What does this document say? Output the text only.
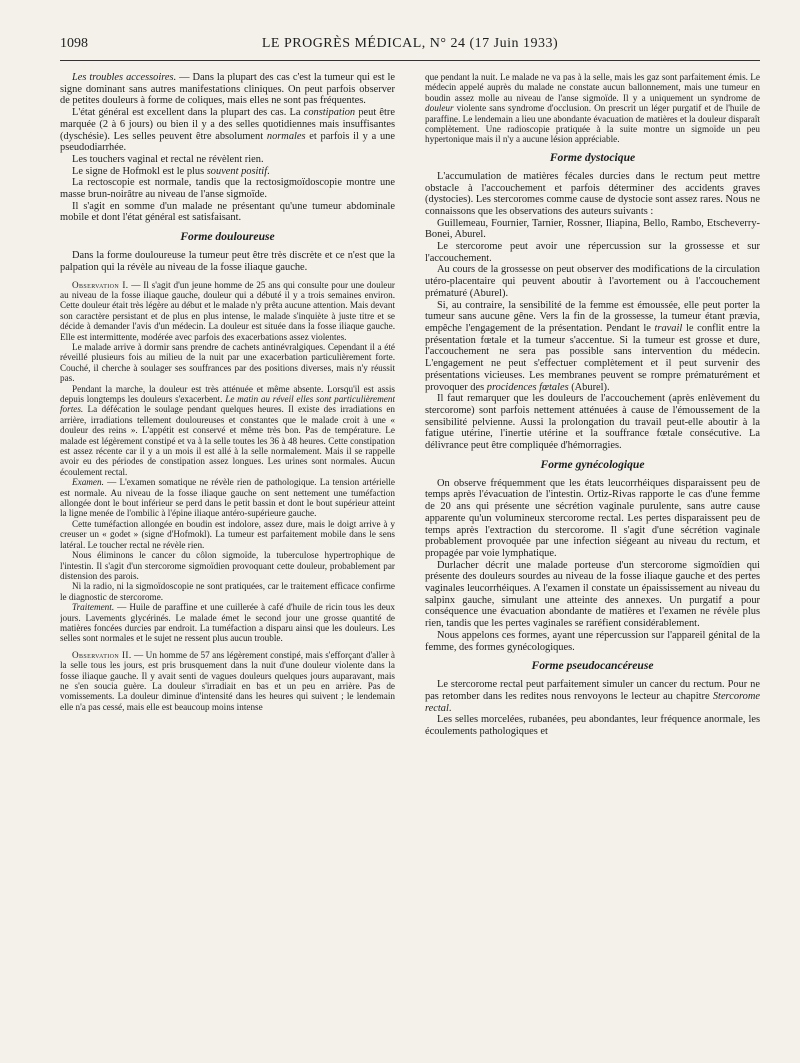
1098	LE PROGRÈS MÉDICAL, N° 24 (17 Juin 1933)

Les troubles accessoires. — Dans la plupart des cas c'est la tumeur qui est le signe dominant sans autres manifestations cliniques. On peut parfois observer de petites douleurs à forme de coliques, mais elles ne sont pas fréquentes.

L'état général est excellent dans la plupart des cas. La constipation peut être marquée (2 à 6 jours) ou bien il y a des selles quotidiennes mais insuffisantes (dyschésie). Les selles peuvent être absolument normales et parfois il y a une pseudodiarrhée.

Les touchers vaginal et rectal ne révèlent rien.

Le signe de Hofmokl est le plus souvent positif.

La rectoscopie est normale, tandis que la rectosigmoïdoscopie montre une masse brun-noirâtre au niveau de l'anse sigmoïde.

Il s'agit en somme d'un malade ne présentant qu'une tumeur abdominale mobile et dont l'état général est satisfaisant.

Forme douloureuse

Dans la forme douloureuse la tumeur peut être très discrète et ce n'est que la palpation qui la révèle au niveau de la fosse iliaque gauche.

Observation I. — Il s'agit d'un jeune homme de 25 ans qui consulte pour une douleur au niveau de la fosse iliaque gauche, douleur qui a débuté il y a trois semaines environ. Cette douleur était très légère au début et le malade n'y prêta aucune attention. Mais devant son caractère persistant et de plus en plus intense, le malade s'inquiète à juste titre et se décide à demander l'avis d'un médecin. La douleur est située dans la fosse iliaque gauche. Elle est intermittente, modérée avec parfois des exacerbations assez violentes.

Le malade arrive à dormir sans prendre de cachets antinévralgiques. Cependant il a été réveillé plusieurs fois au milieu de la nuit par une exacerbation particulièrement forte. Couché, il cherche à soulager ses souffrances par des positions diverses, mais n'y réussit pas.

Pendant la marche, la douleur est très atténuée et même absente. Lorsqu'il est assis depuis longtemps les douleurs s'exacerbent. Le matin au réveil elles sont particulièrement fortes. La défécation le soulage pendant quelques heures. Il existe des irradiations en arrière, irradiations tellement douloureuses et constantes que le malade croit à une « douleur des reins ». L'appétit est conservé et même très bon. Pas de température. Le malade est légèrement constipé et va à la selle toutes les 36 à 48 heures. Cette constipation est assez récente car il y a un mois il est allé à la selle normalement. Mais il se rappelle avoir eu des périodes de constipation assez longues. Les urines sont normales. Aucun écoulement rectal.

Examen. — L'examen somatique ne révèle rien de pathologique. La tension artérielle est normale. Au niveau de la fosse iliaque gauche on sent nettement une tuméfaction allongée dont le bout inférieur se perd dans le petit bassin et dont le bout supérieur atteint la ligne menée de l'ombilic à l'épine iliaque antéro-supérieure gauche.

Cette tuméfaction allongée en boudin est indolore, assez dure, mais le doigt arrive à y creuser un « godet » (signe d'Hofmokl). La tumeur est parfaitement mobile dans le sens latéral. Le toucher rectal ne révèle rien.

Nous éliminons le cancer du côlon sigmoïde, la tuberculose hypertrophique de l'intestin. Il s'agit d'un stercorome sigmoïdien provoquant cette douleur, probablement par distension des parois.

Ni la radio, ni la sigmoïdoscopie ne sont pratiquées, car le traitement efficace confirme le diagnostic de stercorome.

Traitement. — Huile de paraffine et une cuillerée à café d'huile de ricin tous les deux jours. Lavements glycérinés. Le malade émet le second jour une grosse quantité de matières foncées durcies par endroit. La tuméfaction a disparu ainsi que les douleurs. Les selles sont normales et le sujet ne ressent plus aucun trouble.

Observation II. — Un homme de 57 ans légèrement constipé, mais s'efforçant d'aller à la selle tous les jours, est pris brusquement dans la nuit d'une douleur violente dans la fosse iliaque gauche. Il y avait senti de vagues douleurs quelques jours auparavant, mais ne s'en soucia guère. La douleur s'irradiait en bas et un peu en arrière. Pas de vomissements. La douleur diminue d'intensité dans les heures qui suivent ; le lendemain elle n'a pas cessé, mais elle est beaucoup moins intense

que pendant la nuit. Le malade ne va pas à la selle, mais les gaz sont parfaitement émis. Le médecin appelé auprès du malade ne constate aucun ballonnement, mais une tumeur en boudin assez molle au niveau de l'anse sigmoïde. Il y a uniquement un syndrome de douleur violente sans syndrome d'occlusion. On prescrit un léger purgatif et de l'huile de paraffine. Le lendemain a lieu une abondante évacuation de matières et la douleur disparaît complètement. Une radioscopie pratiquée à la suite montre un sigmoïde un peu hypertonique mais il n'y a aucune lésion appréciable.

Forme dystocique

L'accumulation de matières fécales durcies dans le rectum peut mettre obstacle à l'accouchement et parfois déterminer des accidents graves (dystocies). Les stercoromes comme cause de dystocie sont assez rares. Nous ne connaissons que les observations des auteurs suivants :

Guillemeau, Fournier, Tarnier, Rossner, Iliapina, Bello, Rambo, Etscheverry-Bonei, Aburel.

Le stercorome peut avoir une répercussion sur la grossesse et sur l'accouchement.

Au cours de la grossesse on peut observer des modifications de la circulation utéro-placentaire qui peuvent aboutir à l'avortement ou à l'accouchement prématuré (Aburel).

Si, au contraire, la sensibilité de la femme est émoussée, elle peut porter la tumeur sans aucune gêne. Vers la fin de la grossesse, la tumeur étant prævia, empêche l'engagement de la présentation. Pendant le travail le conflit entre la présentation fœtale et la tumeur s'accentue. Si la tumeur est grosse et dure, l'accouchement ne sera pas possible sans intervention du médecin. L'engagement ne peut s'effectuer complètement et il peut survenir des présentations vicieuses. Les membranes peuvent se rompre prématurément et provoquer des procidences fœtales (Aburel).

Il faut remarquer que les douleurs de l'accouchement (après enlèvement du stercorome) sont parfois nettement atténuées à cause de l'émoussement de la sensibilité pelvienne. Aussi la prolongation du travail peut-elle aboutir à la fatigue utérine, l'inertie utérine et la souffrance fœtale consécutive. La délivrance peut être compliquée d'hémorragies.

Forme gynécologique

On observe fréquemment que les états leucorrhéiques disparaissent peu de temps après l'évacuation de l'intestin. Ortiz-Rivas rapporte le cas d'une femme de 20 ans qui présente une sécrétion vaginale purulente, sans autre cause apparente qu'un volumineux stercorome rectal. Les pertes disparaissent peu de temps après l'extraction du stercorome. Il s'agit d'une sécrétion vaginale probablement provoquée par une infection siégeant au niveau du rectum, et propagée par voie lymphatique.

Durlacher décrit une malade porteuse d'un stercorome sigmoïdien qui présente des douleurs sourdes au niveau de la fosse iliaque gauche et des pertes vaginales leucorrhéiques. A l'examen il constate un épaississement au niveau du salpinx gauche, simulant une atteinte des annexes. Un purgatif a pour conséquence une évacuation abondante de matières et l'examen ne révèle plus rien, tandis que les pertes vaginales se raréfient considérablement.

Nous appelons ces formes, ayant une répercussion sur l'appareil génital de la femme, des formes gynécologiques.

Forme pseudocancéreuse

Le stercorome rectal peut parfaitement simuler un cancer du rectum. Pour ne pas retomber dans les redites nous renvoyons le lecteur au chapitre Stercorome rectal.

Les selles morcelées, rubanées, peu abondantes, leur fréquence anormale, les écoulements pathologiques et
